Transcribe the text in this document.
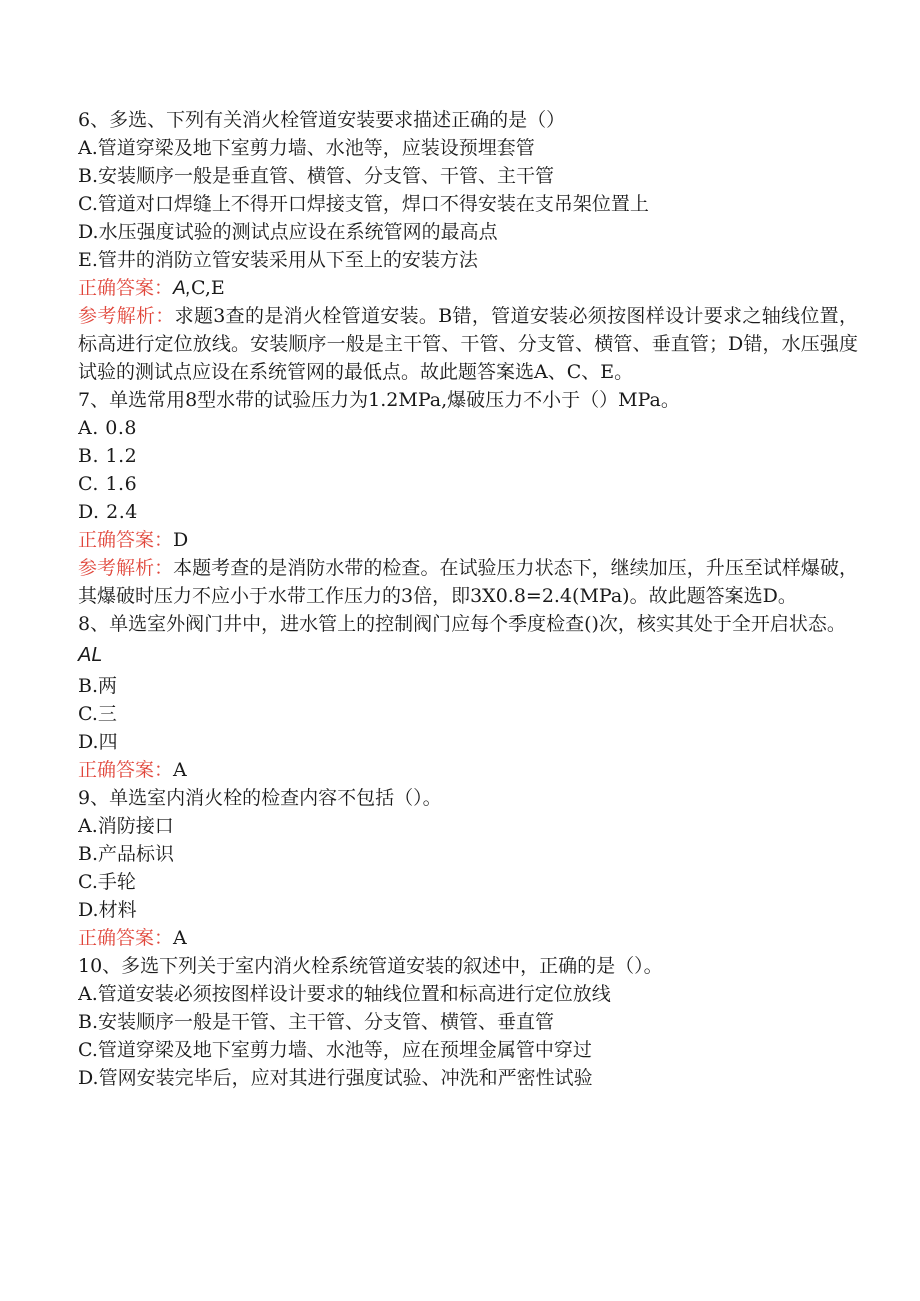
6、多选、下列有关消火栓管道安装要求描述正确的是（）
A.管道穿梁及地下室剪力墙、水池等，应装设预埋套管
B.安装顺序一般是垂直管、横管、分支管、干管、主干管
C.管道对口焊缝上不得开口焊接支管，焊口不得安装在支吊架位置上
D.水压强度试验的测试点应设在系统管网的最高点
E.管井的消防立管安装采用从下至上的安装方法
正确答案：A,C,E
参考解析：求题3查的是消火栓管道安装。B错，管道安装必须按图样设计要求之轴线位置，标高进行定位放线。安装顺序一般是主干管、干管、分支管、横管、垂直管；D错，水压强度试验的测试点应设在系统管网的最低点。故此题答案选A、C、E。
7、单选常用8型水带的试验压力为1.2MPa,爆破压力不小于（）MPa。
A. 0.8
B. 1.2
C. 1.6
D. 2.4
正确答案：D
参考解析：本题考查的是消防水带的检查。在试验压力状态下，继续加压，升压至试样爆破，其爆破时压力不应小于水带工作压力的3倍，即3X0.8=2.4(MPa)。故此题答案选D。
8、单选室外阀门井中，进水管上的控制阀门应每个季度检查()次，核实其处于全开启状态。
AL
B.两
C.三
D.四
正确答案：A
9、单选室内消火栓的检查内容不包括（）。
A.消防接口
B.产品标识
C.手轮
D.材料
正确答案：A
10、多选下列关于室内消火栓系统管道安装的叙述中，正确的是（）。
A.管道安装必须按图样设计要求的轴线位置和标高进行定位放线
B.安装顺序一般是干管、主干管、分支管、横管、垂直管
C.管道穿梁及地下室剪力墙、水池等，应在预埋金属管中穿过
D.管网安装完毕后，应对其进行强度试验、冲洗和严密性试验
